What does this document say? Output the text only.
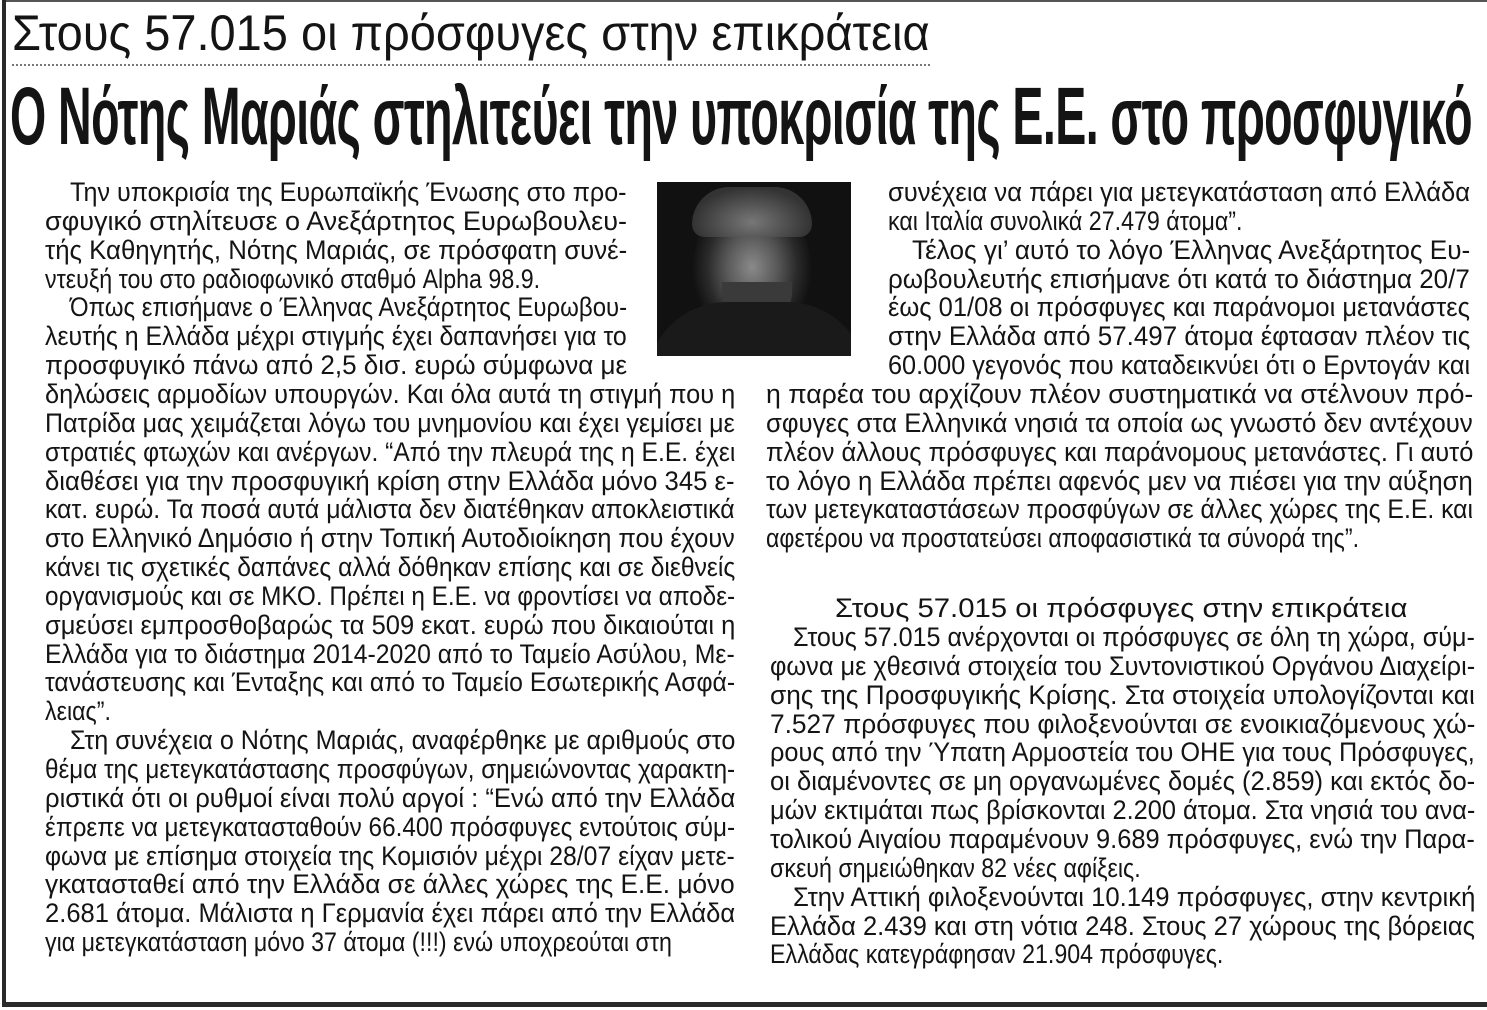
Στους 57.015 οι πρόσφυγες στην επικράτεια
Ο Νότης Μαριάς στηλιτεύει την υποκρισία της Ε.Ε. στο προσφυγικό
Την υποκρισία της Ευρωπαϊκής Ένωσης στο προ-
σφυγικό στηλίτευσε ο Ανεξάρτητος Ευρωβουλευ-
τής Καθηγητής, Νότης Μαριάς, σε πρόσφατη συνέ-
ντευξή του στο ραδιοφωνικό σταθμό Alpha 98.9.
Όπως επισήμανε ο Έλληνας Ανεξάρτητος Ευρωβου-
λευτής η Ελλάδα μέχρι στιγμής έχει δαπανήσει για το
προσφυγικό πάνω από 2,5 δισ. ευρώ σύμφωνα με
δηλώσεις αρμοδίων υπουργών. Και όλα αυτά τη στιγμή που η
Πατρίδα μας χειμάζεται λόγω του μνημονίου και έχει γεμίσει με
στρατιές φτωχών και ανέργων. “Από την πλευρά της η Ε.Ε. έχει
διαθέσει για την προσφυγική κρίση στην Ελλάδα μόνο 345 ε-
κατ. ευρώ. Τα ποσά αυτά μάλιστα δεν διατέθηκαν αποκλειστικά
στο Ελληνικό Δημόσιο ή στην Τοπική Αυτοδιοίκηση που έχουν
κάνει τις σχετικές δαπάνες αλλά δόθηκαν επίσης και σε διεθνείς
οργανισμούς και σε ΜΚΟ. Πρέπει η Ε.Ε. να φροντίσει να αποδε-
σμεύσει εμπροσθοβαρώς τα 509 εκατ. ευρώ που δικαιούται η
Ελλάδα για το διάστημα 2014-2020 από το Ταμείο Ασύλου, Με-
τανάστευσης και Ένταξης και από το Ταμείο Εσωτερικής Ασφά-
λειας”.
Στη συνέχεια ο Νότης Μαριάς, αναφέρθηκε με αριθμούς στο
θέμα της μετεγκατάστασης προσφύγων, σημειώνοντας χαρακτη-
ριστικά ότι οι ρυθμοί είναι πολύ αργοί : “Ενώ από την Ελλάδα
έπρεπε να μετεγκατασταθούν 66.400 πρόσφυγες εντούτοις σύμ-
φωνα με επίσημα στοιχεία της Κομισιόν μέχρι 28/07 είχαν μετε-
γκατασταθεί από την Ελλάδα σε άλλες χώρες της Ε.Ε. μόνο
2.681 άτομα. Μάλιστα η Γερμανία έχει πάρει από την Ελλάδα
για μετεγκατάσταση μόνο 37 άτομα (!!!) ενώ υποχρεούται στη
συνέχεια να πάρει για μετεγκατάσταση από Ελλάδα
και Ιταλία συνολικά 27.479 άτομα”.
Τέλος γι’ αυτό το λόγο Έλληνας Ανεξάρτητος Ευ-
ρωβουλευτής επισήμανε ότι κατά το διάστημα 20/7
έως 01/08 οι πρόσφυγες και παράνομοι μετανάστες
στην Ελλάδα από 57.497 άτομα έφτασαν πλέον τις
60.000 γεγονός που καταδεικνύει ότι ο Ερντογάν και
η παρέα του αρχίζουν πλέον συστηματικά να στέλνουν πρό-
σφυγες στα Ελληνικά νησιά τα οποία ως γνωστό δεν αντέχουν
πλέον άλλους πρόσφυγες και παράνομους μετανάστες. Γι αυτό
το λόγο η Ελλάδα πρέπει αφενός μεν να πιέσει για την αύξηση
των μετεγκαταστάσεων προσφύγων σε άλλες χώρες της Ε.Ε. και
αφετέρου να προστατεύσει αποφασιστικά τα σύνορά της”.
Στους 57.015 οι πρόσφυγες στην επικράτεια
Στους 57.015 ανέρχονται οι πρόσφυγες σε όλη τη χώρα, σύμ-
φωνα με χθεσινά στοιχεία του Συντονιστικού Οργάνου Διαχείρι-
σης της Προσφυγικής Κρίσης. Στα στοιχεία υπολογίζονται και
7.527 πρόσφυγες που φιλοξενούνται σε ενοικιαζόμενους χώ-
ρους από την Ύπατη Αρμοστεία του ΟΗΕ για τους Πρόσφυγες,
οι διαμένοντες σε μη οργανωμένες δομές (2.859) και εκτός δο-
μών εκτιμάται πως βρίσκονται 2.200 άτομα. Στα νησιά του ανα-
τολικού Αιγαίου παραμένουν 9.689 πρόσφυγες, ενώ την Παρα-
σκευή σημειώθηκαν 82 νέες αφίξεις.
Στην Αττική φιλοξενούνται 10.149 πρόσφυγες, στην κεντρική
Ελλάδα 2.439 και στη νότια 248. Στους 27 χώρους της βόρειας
Ελλάδας κατεγράφησαν 21.904 πρόσφυγες.
